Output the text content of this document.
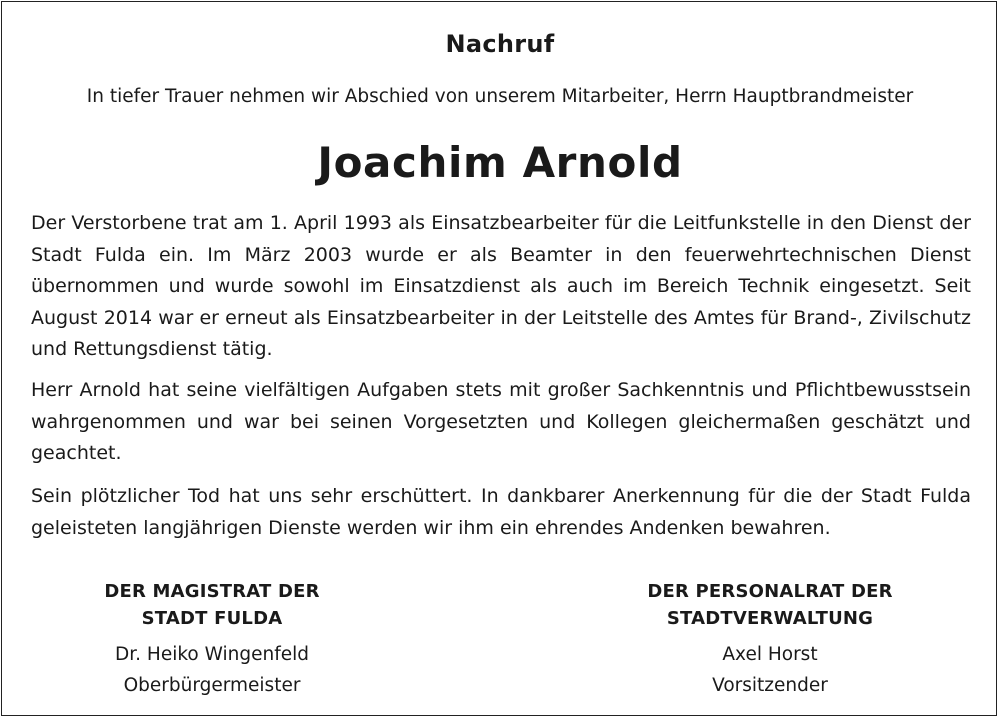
Nachruf
In tiefer Trauer nehmen wir Abschied von unserem Mitarbeiter, Herrn Hauptbrandmeister
Joachim Arnold
Der Verstorbene trat am 1. April 1993 als Einsatzbearbeiter für die Leitfunkstelle in den Dienst der Stadt Fulda ein. Im März 2003 wurde er als Beamter in den feuerwehrtechnischen Dienst übernommen und wurde sowohl im Einsatzdienst als auch im Bereich Technik eingesetzt. Seit August 2014 war er erneut als Einsatzbearbeiter in der Leitstelle des Amtes für Brand-, Zivilschutz und Rettungsdienst tätig.
Herr Arnold hat seine vielfältigen Aufgaben stets mit großer Sachkenntnis und Pflichtbewusstsein wahrgenommen und war bei seinen Vorgesetzten und Kollegen gleichermaßen geschätzt und geachtet.
Sein plötzlicher Tod hat uns sehr erschüttert. In dankbarer Anerkennung für die der Stadt Fulda geleisteten langjährigen Dienste werden wir ihm ein ehrendes Andenken bewahren.
DER MAGISTRAT DER
STADT FULDA
Dr. Heiko Wingenfeld
Oberbürgermeister
DER PERSONALRAT DER
STADTVERWALTUNG
Axel Horst
Vorsitzender
